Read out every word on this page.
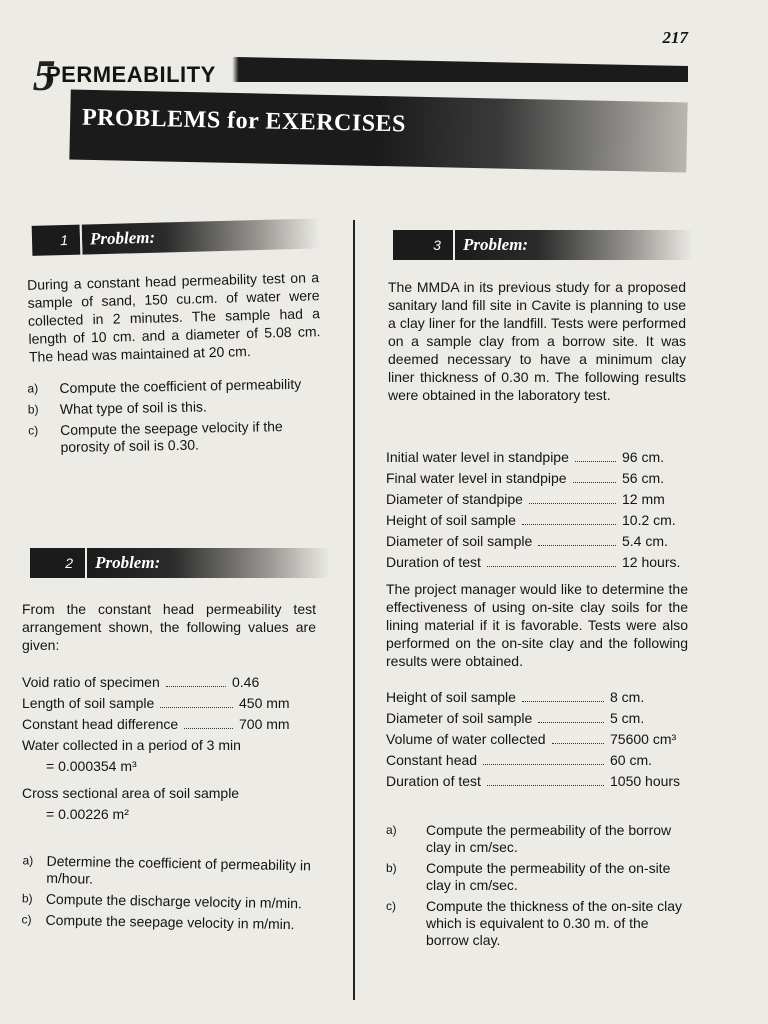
217
5
PERMEABILITY
PROBLEMS for EXERCISES
1	Problem:

During a constant head permeability test on a sample of sand, 150 cu.cm. of water were collected in 2 minutes. The sample had a length of 10 cm. and a diameter of 5.08 cm. The head was maintained at 20 cm.

a)	Compute the coefficient of permeability
b)	What type of soil is this.
c)	Compute the seepage velocity if the porosity of soil is 0.30.
2	Problem:
From the constant head permeability test arrangement shown, the following values are given:
Void ratio of specimen	0.46
Length of soil sample	450 mm
Constant head difference	700 mm
Water collected in a period of 3 min
= 0.000354 m³
Cross sectional area of soil sample
= 0.00226 m²
a) Determine the coefficient of permeability in m/hour.
b) Compute the discharge velocity in m/min.
c) Compute the seepage velocity in m/min.
3	Problem:
The MMDA in its previous study for a proposed sanitary land fill site in Cavite is planning to use a clay liner for the landfill. Tests were performed on a sample clay from a borrow site. It was deemed necessary to have a minimum clay liner thickness of 0.30 m. The following results were obtained in the laboratory test.
Initial water level in standpipe	96 cm.
Final water level in standpipe	56 cm.
Diameter of standpipe	12 mm
Height of soil sample	10.2 cm.
Diameter of soil sample	5.4 cm.
Duration of test	12 hours.
The project manager would like to determine the effectiveness of using on-site clay soils for the lining material if it is favorable. Tests were also performed on the on-site clay and the following results were obtained.
Height of soil sample	8 cm.
Diameter of soil sample	5 cm.
Volume of water collected	75600 cm³
Constant head	60 cm.
Duration of test	1050 hours
a)	Compute the permeability of the borrow clay in cm/sec.
b)	Compute the permeability of the on-site clay in cm/sec.
c)	Compute the thickness of the on-site clay which is equivalent to 0.30 m. of the borrow clay.
